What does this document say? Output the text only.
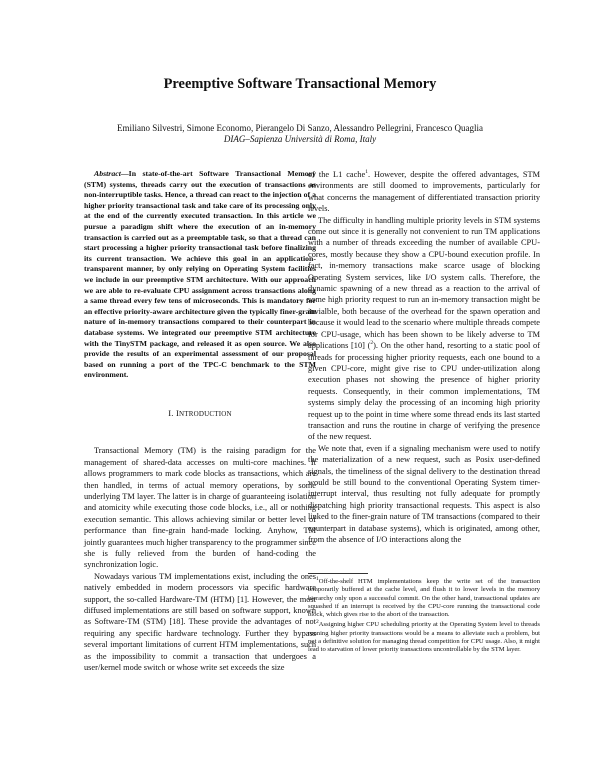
Preemptive Software Transactional Memory
Emiliano Silvestri, Simone Economo, Pierangelo Di Sanzo, Alessandro Pellegrini, Francesco Quaglia
DIAG–Sapienza Università di Roma, Italy

Abstract—In state-of-the-art Software Transactional Memory (STM) systems, threads carry out the execution of transactions as non-interruptible tasks. Hence, a thread can react to the injection of a higher priority transactional task and take care of its processing only at the end of the currently executed transaction. In this article we pursue a paradigm shift where the execution of an in-memory transaction is carried out as a preemptable task, so that a thread can start processing a higher priority transactional task before finalizing its current transaction. We achieve this goal in an application-transparent manner, by only relying on Operating System facilities we include in our preemptive STM architecture. With our approach we are able to re-evaluate CPU assignment across transactions along a same thread every few tens of microseconds. This is mandatory for an effective priority-aware architecture given the typically finer-grain nature of in-memory transactions compared to their counterpart in database systems. We integrated our preemptive STM architecture with the TinySTM package, and released it as open source. We also provide the results of an experimental assessment of our proposal based on running a port of the TPC-C benchmark to the STM environment.

I. INTRODUCTION

Transactional Memory (TM) is the raising paradigm for the management of shared-data accesses on multi-core machines. It allows programmers to mark code blocks as transactions, which are then handled, in terms of actual memory operations, by some underlying TM layer. The latter is in charge of guaranteeing isolation and atomicity while executing those code blocks, i.e., all or nothing execution semantic. This allows achieving similar or better level of performance than fine-grain hand-made locking. Anyhow, TM jointly guarantees much higher transparency to the programmer since she is fully relieved from the burden of hand-coding the synchronization logic.

Nowadays various TM implementations exist, including the ones natively embedded in modern processors via specific hardware support, the so-called Hardware-TM (HTM) [1]. However, the most diffused implementations are still based on software support, known as Software-TM (STM) [18]. These provide the advantages of not requiring any specific hardware technology. Further they bypass several important limitations of current HTM implementations, such as the impossibility to commit a transaction that undergoes a user/kernel mode switch or whose write set exceeds the size

of the L1 cache$^1$. However, despite the offered advantages, STM environments are still doomed to improvements, particularly for what concerns the management of differentiated transaction priority levels.

The difficulty in handling multiple priority levels in STM systems come out since it is generally not convenient to run TM applications with a number of threads exceeding the number of available CPU-cores, mostly because they show a CPU-bound execution profile. In fact, in-memory transactions make scarce usage of blocking Operating System services, like I/O system calls. Therefore, the dynamic spawning of a new thread as a reaction to the arrival of some high priority request to run an in-memory transaction might be invialble, both because of the overhead for the spawn operation and because it would lead to the scenario where multiple threads compete for CPU-usage, which has been shown to be likely adverse to TM applications [10] ($^2$). On the other hand, resorting to a static pool of threads for processing higher priority requests, each one bound to a given CPU-core, might give rise to CPU under-utilization along execution phases not showing the presence of higher priority requests. Consequently, in their common implementations, TM systems simply delay the processing of an incoming high priority request up to the point in time where some thread ends its last started transaction and runs the routine in charge of verifying the presence of the new request.

We note that, even if a signaling mechanism were used to notify the materialization of a new request, such as Posix user-defined signals, the timeliness of the signal delivery to the destination thread would be still bound to the conventional Operating System timer-interrupt interval, thus resulting not fully adequate for promptly dispatching high priority transactional requests. This aspect is also linked to the finer-grain nature of TM transactions (compared to their counterpart in database systems), which is originated, among other, from the absence of I/O interactions along the

$^1$Off-the-shelf HTM implementations keep the write set of the transaction temporarily buffered at the cache level, and flush it to lower levels in the memory hierarchy only upon a successful commit. On the other hand, transactional updates are squashed if an interrupt is received by the CPU-core running the transactional code block, which gives rise to the abort of the transaction.

$^2$Assigning higher CPU scheduling priority at the Operating System level to threads running higher priority transactions would be a means to alleviate such a problem, but not a definitive solution for managing thread competition for CPU usage. Also, it might lead to starvation of lower priority transactions uncontrollable by the STM layer.
